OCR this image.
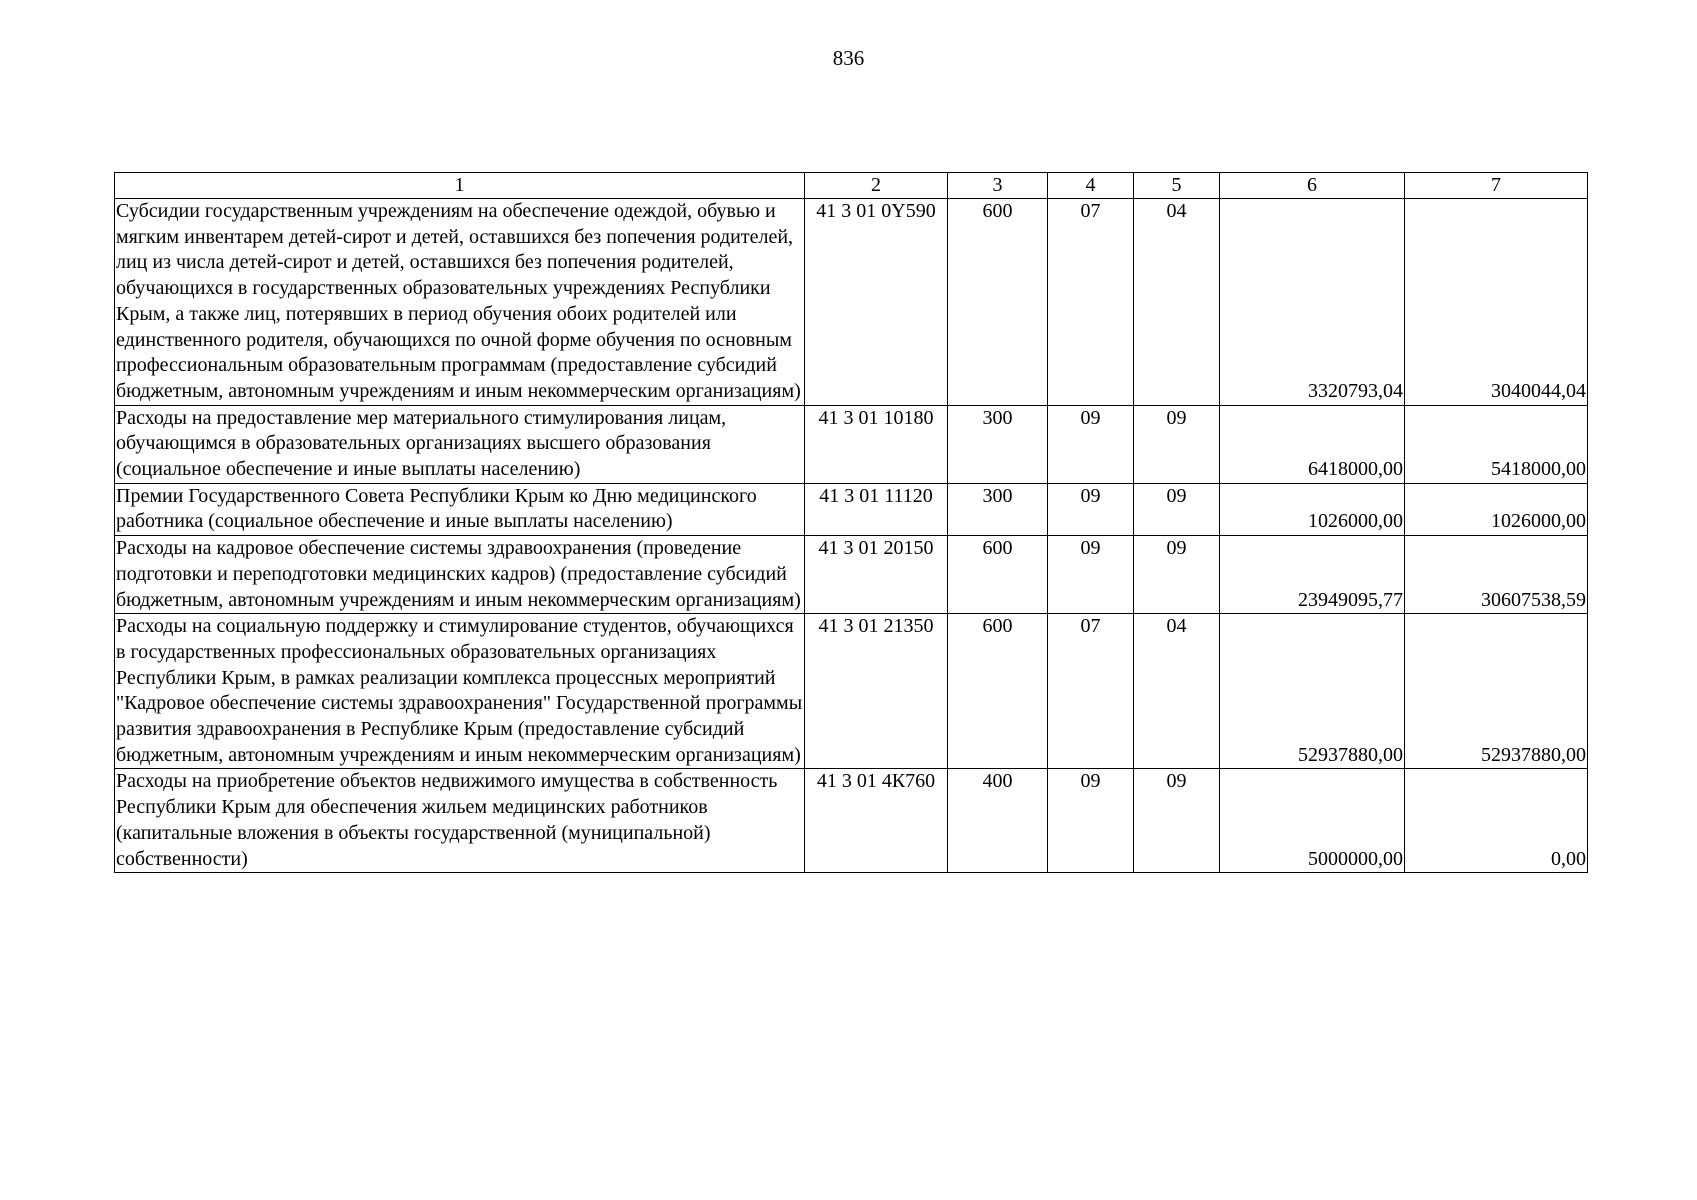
836
1	2	3	4	5	6	7
Субсидии государственным учреждениям на обеспечение одеждой, обувью и мягким инвентарем детей-сирот и детей, оставшихся без попечения родителей, лиц из числа детей-сирот и детей, оставшихся без попечения родителей, обучающихся в государственных образовательных учреждениях Республики Крым, а также лиц, потерявших в период обучения обоих родителей или единственного родителя, обучающихся по очной форме обучения по основным профессиональным образовательным программам (предоставление субсидий бюджетным, автономным учреждениям и иным некоммерческим организациям)	41 3 01 0Y590	600	07	04	3320793,04	3040044,04
Расходы на предоставление мер материального стимулирования лицам, обучающимся в образовательных организациях высшего образования (социальное обеспечение и иные выплаты населению)	41 3 01 10180	300	09	09	6418000,00	5418000,00
Премии Государственного Совета Республики Крым ко Дню медицинского работника (социальное обеспечение и иные выплаты населению)	41 3 01 11120	300	09	09	1026000,00	1026000,00
Расходы на кадровое обеспечение системы здравоохранения (проведение подготовки и переподготовки медицинских кадров) (предоставление субсидий бюджетным, автономным учреждениям и иным некоммерческим организациям)	41 3 01 20150	600	09	09	23949095,77	30607538,59
Расходы на социальную поддержку и стимулирование студентов, обучающихся в государственных профессиональных образовательных организациях Республики Крым, в рамках реализации комплекса процессных мероприятий "Кадровое обеспечение системы здравоохранения" Государственной программы развития здравоохранения в Республике Крым (предоставление субсидий бюджетным, автономным учреждениям и иным некоммерческим организациям)	41 3 01 21350	600	07	04	52937880,00	52937880,00
Расходы на приобретение объектов недвижимого имущества в собственность Республики Крым для обеспечения жильем медицинских работников (капитальные вложения в объекты государственной (муниципальной) собственности)	41 3 01 4К760	400	09	09	5000000,00	0,00
